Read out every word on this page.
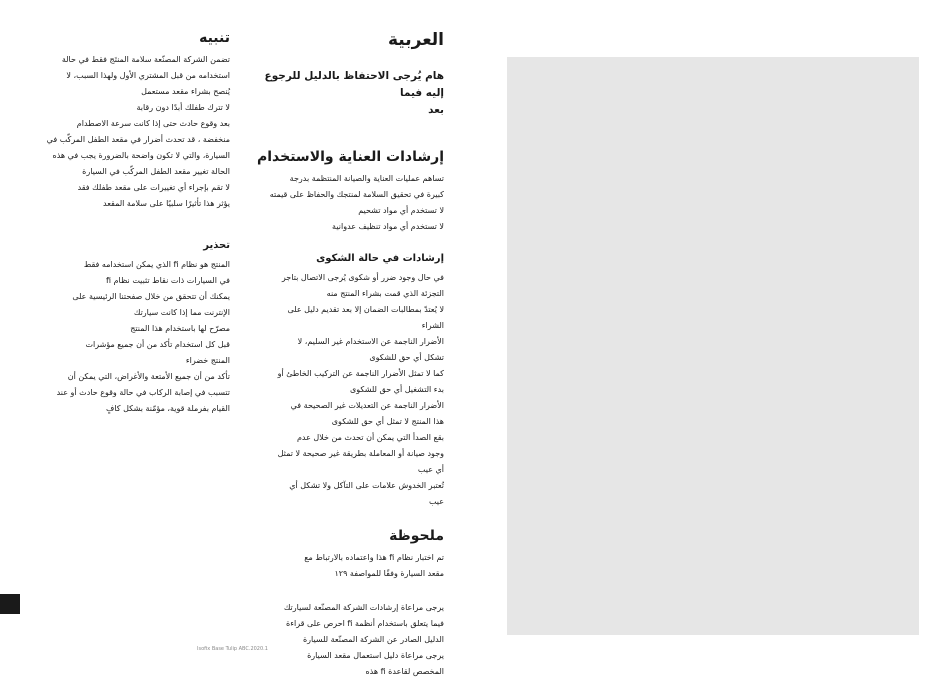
تنبيه
تضمن الشركة المصنّعة سلامة المنتَج فقط في حالة
استخدامه من قبل المشتري الأول ولهذا السبب، لا
يُنصح بشراء مقعد مستعمل
لا تترك طفلك أبدًا دون رقابة
بعد وقوع حادث حتى إذا كانت سرعة الاصطدام
منخفضة ، قد تحدث أضرار في مقعد الطفل المركّب في
السيارة، والتي لا تكون واضحة بالضرورة يجب في هذه
الحالة تغيير مقعد الطفل المركّب في السيارة
لا تقم بإجراء أي تغييرات على مقعد طفلك فقد
يؤثر هذا تأثيرًا سلبيًا على سلامة المقعد
تحذير
المنتج هو نظام fi الذي يمكن استخدامه فقط
في السيارات ذات نقاط تثبيت نظام fi
يمكنك أن تتحقق من خلال صفحتنا الرئيسية على
الإنترنت مما إذا كانت سيارتك
مصرّح لها باستخدام هذا المنتج
قبل كل استخدام تأكد من أن جميع مؤشرات
المنتج خضراء
تأكد من أن جميع الأمتعة والأغراض، التي يمكن أن
تتسبب في إصابة الركاب في حالة وقوع حادث أو عند
القيام بفرملة قوية، مؤمّنة بشكل كافٍ
العربية
هام يُرجى الاحتفاظ بالدليل للرجوع إليه فيما
بعد
إرشادات العناية والاستخدام
تساهم عمليات العناية والصيانة المنتظمة بدرجة
كبيرة في تحقيق السلامة لمنتجك والحفاظ على قيمته
لا تستخدم أي مواد تشحيم
لا تستخدم أي مواد تنظيف عدوانية
إرشادات في حالة الشكوى
في حال وجود ضرر أو شكوى يُرجى الاتصال بتاجر
التجزئة الذي قمت بشراء المنتج منه
لا يُعتدّ بمطالبات الضمان إلا بعد تقديم دليل على
الشراء
الأضرار الناجمة عن الاستخدام غير السليم، لا
تشكل أي حق للشكوى
كما لا تمثل الأضرار الناجمة عن التركيب الخاطئ أو
بدء التشغيل أي حق للشكوى
الأضرار الناجمة عن التعديلات غير الصحيحة في
هذا المنتج لا تمثل أي حق للشكوى
بقع الصدأ التي يمكن أن تحدث من خلال عدم
وجود صيانة أو المعاملة بطريقة غير صحيحة لا تمثل
أي عيب
تُعتبر الخدوش علامات على التآكل ولا تشكل أي
عيب
ملحوظة
تم اختبار نظام fi هذا واعتماده بالارتباط مع
مقعد السيارة وفقًا للمواصفة ١٢٩
يرجى مراعاة إرشادات الشركة المصنّعة لسيارتك
فيما يتعلق باستخدام أنظمة fi احرص على قراءة
الدليل الصادر عن الشركة المصنّعة للسيارة
يرجى مراعاة دليل استعمال مقعد السيارة
المخصص لقاعدة fi هذه
Isofix Base Tulip ABC.2020.1
